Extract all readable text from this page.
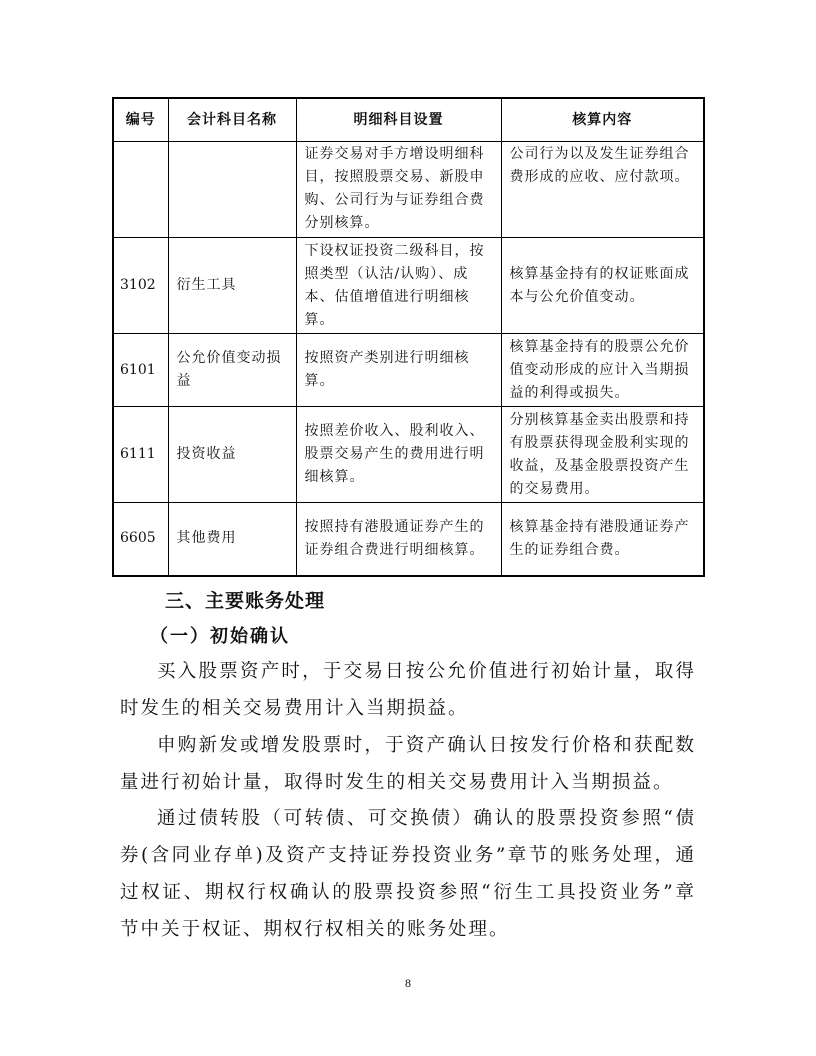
编号	会计科目名称	明细科目设置	核算内容
		证券交易对手方增设明细科目，按照股票交易、新股申购、公司行为与证券组合费分别核算。	公司行为以及发生证券组合费形成的应收、应付款项。
3102	衍生工具	下设权证投资二级科目，按照类型（认沽/认购）、成本、估值增值进行明细核算。	核算基金持有的权证账面成本与公允价值变动。
6101	公允价值变动损益	按照资产类别进行明细核算。	核算基金持有的股票公允价值变动形成的应计入当期损益的利得或损失。
6111	投资收益	按照差价收入、股利收入、股票交易产生的费用进行明细核算。	分别核算基金卖出股票和持有股票获得现金股利实现的收益，及基金股票投资产生的交易费用。
6605	其他费用	按照持有港股通证券产生的证券组合费进行明细核算。	核算基金持有港股通证券产生的证券组合费。
三、主要账务处理
（一）初始确认

买入股票资产时，于交易日按公允价值进行初始计量，取得时发生的相关交易费用计入当期损益。

申购新发或增发股票时，于资产确认日按发行价格和获配数量进行初始计量，取得时发生的相关交易费用计入当期损益。

通过债转股（可转债、可交换债）确认的股票投资参照“债券(含同业存单)及资产支持证券投资业务”章节的账务处理，通过权证、期权行权确认的股票投资参照“衍生工具投资业务”章节中关于权证、期权行权相关的账务处理。

8
